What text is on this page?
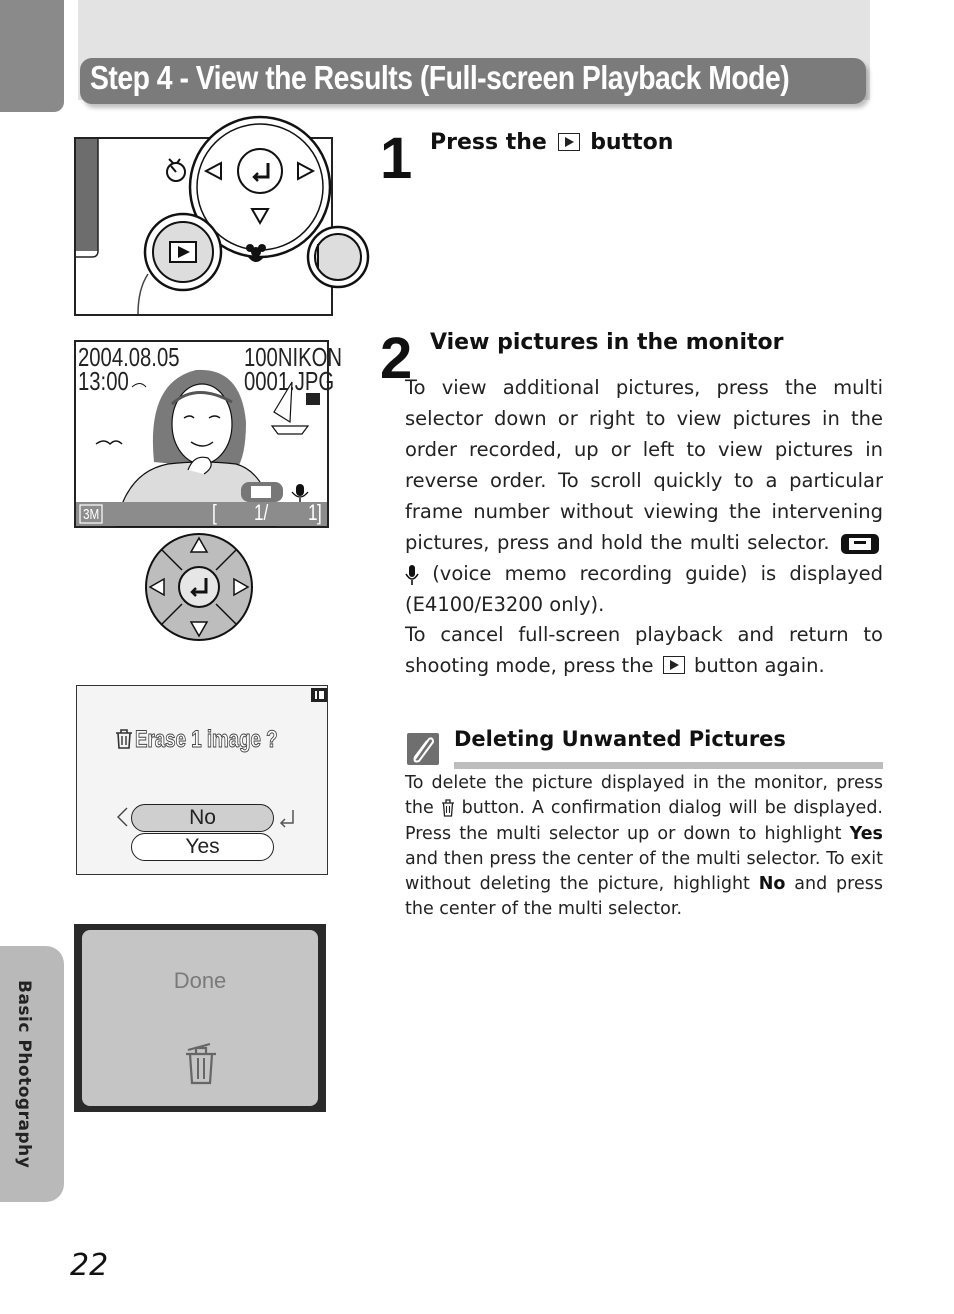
Step 4 - View the Results (Full-screen Playback Mode)
Basic Photography
22
2004.08.05
13:00
100NIKON
0001.JPG
3M	[ 1/ 1 ]
Erase 1 image ?
No
Yes
Done
1 Press the button
2 View pictures in the monitor
To view additional pictures, press the multi selector down or right to view pictures in the order recorded, up or left to view pictures in reverse order. To scroll quickly to a particular frame number without viewing the intervening pictures, press and hold the multi selector.  (voice memo recording guide) is displayed (E4100/E3200 only).
To cancel full-screen playback and return to shooting mode, press the button again.
Deleting Unwanted Pictures
To delete the picture displayed in the monitor, press the button. A confirmation dialog will be displayed. Press the multi selector up or down to highlight Yes and then press the center of the multi selector. To exit without deleting the picture, highlight No and press the center of the multi selector.
